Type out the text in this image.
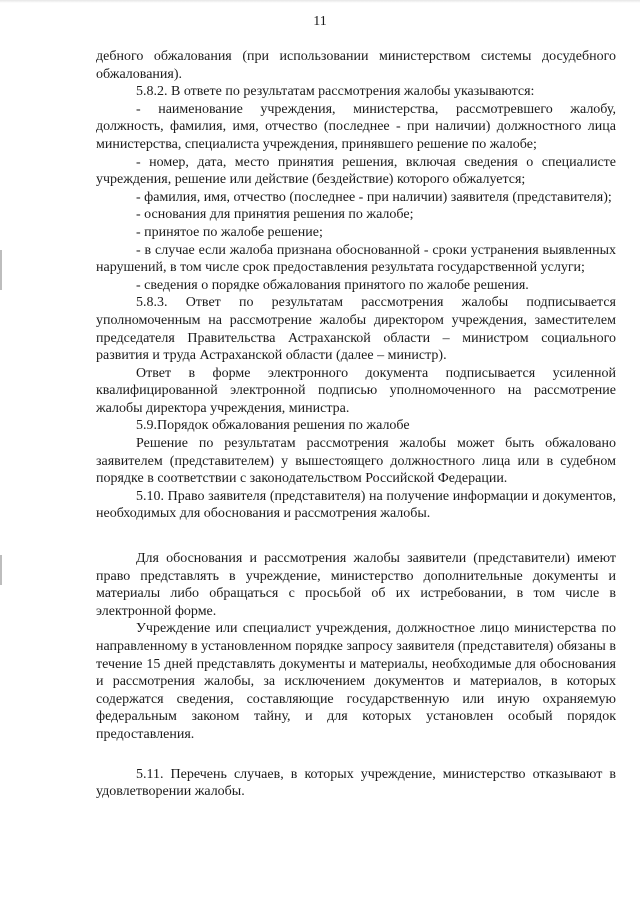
11

дебного обжалования (при использовании министерством системы досудебного обжалования).

5.8.2. В ответе по результатам рассмотрения жалобы указываются:

- наименование учреждения, министерства, рассмотревшего жалобу, должность, фамилия, имя, отчество (последнее - при наличии) должностного лица министерства, специалиста учреждения, принявшего решение по жалобе;

- номер, дата, место принятия решения, включая сведения о специалисте учреждения, решение или действие (бездействие) которого обжалуется;

- фамилия, имя, отчество (последнее - при наличии) заявителя (представителя);

- основания для принятия решения по жалобе;

- принятое по жалобе решение;

- в случае если жалоба признана обоснованной - сроки устранения выявленных нарушений, в том числе срок предоставления результата государственной услуги;

- сведения о порядке обжалования принятого по жалобе решения.

5.8.3. Ответ по результатам рассмотрения жалобы подписывается уполномоченным на рассмотрение жалобы директором учреждения, заместителем председателя Правительства Астраханской области – министром социального развития и труда Астраханской области (далее – министр).

Ответ в форме электронного документа подписывается усиленной квалифицированной электронной подписью уполномоченного на рассмотрение жалобы директора учреждения, министра.

5.9.Порядок обжалования решения по жалобе

Решение по результатам рассмотрения жалобы может быть обжаловано заявителем (представителем) у вышестоящего должностного лица или в судебном порядке в соответствии с законодательством Российской Федерации.

5.10. Право заявителя (представителя) на получение информации и документов, необходимых для обоснования и рассмотрения жалобы.

Для обоснования и рассмотрения жалобы заявители (представители) имеют право представлять в учреждение, министерство дополнительные документы и материалы либо обращаться с просьбой об их истребовании, в том числе в электронной форме.

Учреждение или специалист учреждения, должностное лицо министерства по направленному в установленном порядке запросу заявителя (представителя) обязаны в течение 15 дней представлять документы и материалы, необходимые для обоснования и рассмотрения жалобы, за исключением документов и материалов, в которых содержатся сведения, составляющие государственную или иную охраняемую федеральным законом тайну, и для которых установлен особый порядок предоставления.

5.11. Перечень случаев, в которых учреждение, министерство отказывают в удовлетворении жалобы.
